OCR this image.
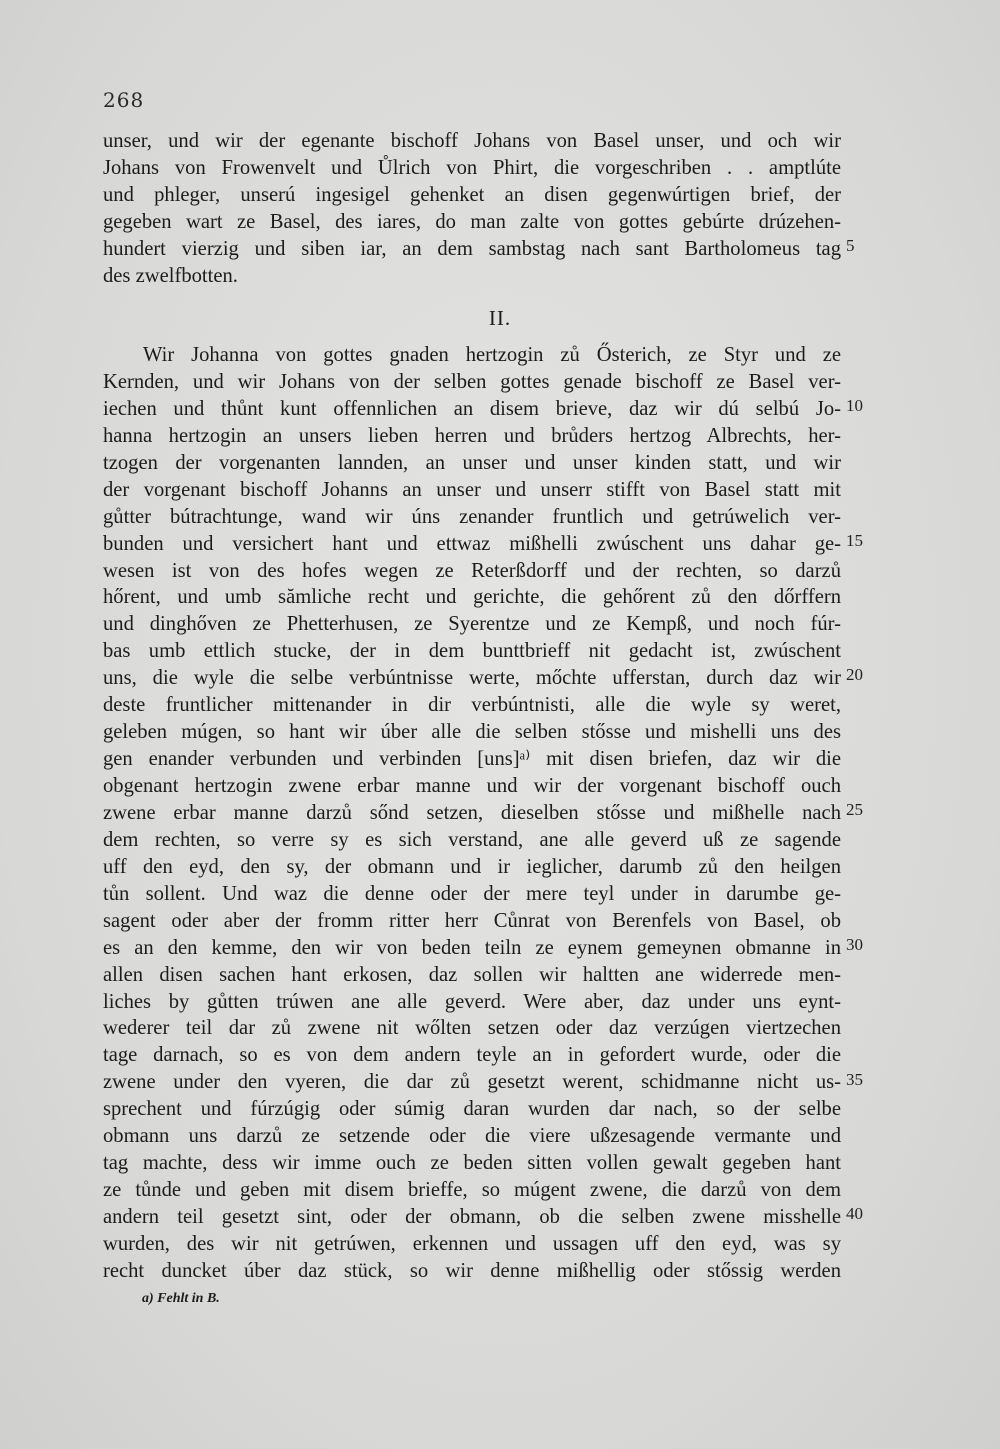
268
unser, und wir der egenante bischoff Johans von Basel unser, und och wir
Johans von Frowenvelt und Ůlrich von Phirt, die vorgeschriben . . amptlúte
und phleger, unserú ingesigel gehenket an disen gegenwúrtigen brief, der
gegeben wart ze Basel, des iares, do man zalte von gottes gebúrte drúzehen-
hundert vierzig und siben iar, an dem sambstag nach sant Bartholomeus tag 5
des zwelfbotten.
II.
Wir Johanna von gottes gnaden hertzogin zů Ősterich, ze Styr und ze
Kernden, und wir Johans von der selben gottes genade bischoff ze Basel ver-
iechen und thůnt kunt offennlichen an disem brieve, daz wir dú selbú Jo- 10
hanna hertzogin an unsers lieben herren und brůders hertzog Albrechts, her-
tzogen der vorgenanten lannden, an unser und unser kinden statt, und wir
der vorgenant bischoff Johanns an unser und unserr stifft von Basel statt mit
gůtter bútrachtunge, wand wir úns zenander fruntlich und getrúwelich ver-
bunden und versichert hant und ettwaz mißhelli zwúschent uns dahar ge- 15
wesen ist von des hofes wegen ze Reterßdorff und der rechten, so darzů
hőrent, und umb sămliche recht und gerichte, die gehőrent zů den dőrffern
und dinghőven ze Phetterhusen, ze Syerentze und ze Kempß, und noch fúr-
bas umb ettlich stucke, der in dem bunttbrieff nit gedacht ist, zwúschent
uns, die wyle die selbe verbúntnisse werte, mőchte ufferstan, durch daz wir 20
deste fruntlicher mittenander in dir verbúntnisti, alle die wyle sy weret,
geleben múgen, so hant wir úber alle die selben stősse und mishelli uns des
gen enander verbunden und verbinden [uns]ᵃ⁾ mit disen briefen, daz wir die
obgenant hertzogin zwene erbar manne und wir der vorgenant bischoff ouch
zwene erbar manne darzů sőnd setzen, dieselben stősse und mißhelle nach 25
dem rechten, so verre sy es sich verstand, ane alle geverd uß ze sagende
uff den eyd, den sy, der obmann und ir ieglicher, darumb zů den heilgen
tůn sollent. Und waz die denne oder der mere teyl under in darumbe ge-
sagent oder aber der fromm ritter herr Cůnrat von Berenfels von Basel, ob
es an den kemme, den wir von beden teiln ze eynem gemeynen obmanne in 30
allen disen sachen hant erkosen, daz sollen wir haltten ane widerrede men-
liches by gůtten trúwen ane alle geverd. Were aber, daz under uns eynt-
wederer teil dar zů zwene nit wőlten setzen oder daz verzúgen viertzechen
tage darnach, so es von dem andern teyle an in gefordert wurde, oder die
zwene under den vyeren, die dar zů gesetzt werent, schidmanne nicht us- 35
sprechent und fúrzúgig oder súmig daran wurden dar nach, so der selbe
obmann uns darzů ze setzende oder die viere ußzesagende vermante und
tag machte, dess wir imme ouch ze beden sitten vollen gewalt gegeben hant
ze tůnde und geben mit disem brieffe, so múgent zwene, die darzů von dem
andern teil gesetzt sint, oder der obmann, ob die selben zwene misshelle 40
wurden, des wir nit getrúwen, erkennen und ussagen uff den eyd, was sy
recht duncket úber daz stück, so wir denne mißhellig oder stőssig werden
a) Fehlt in B.
